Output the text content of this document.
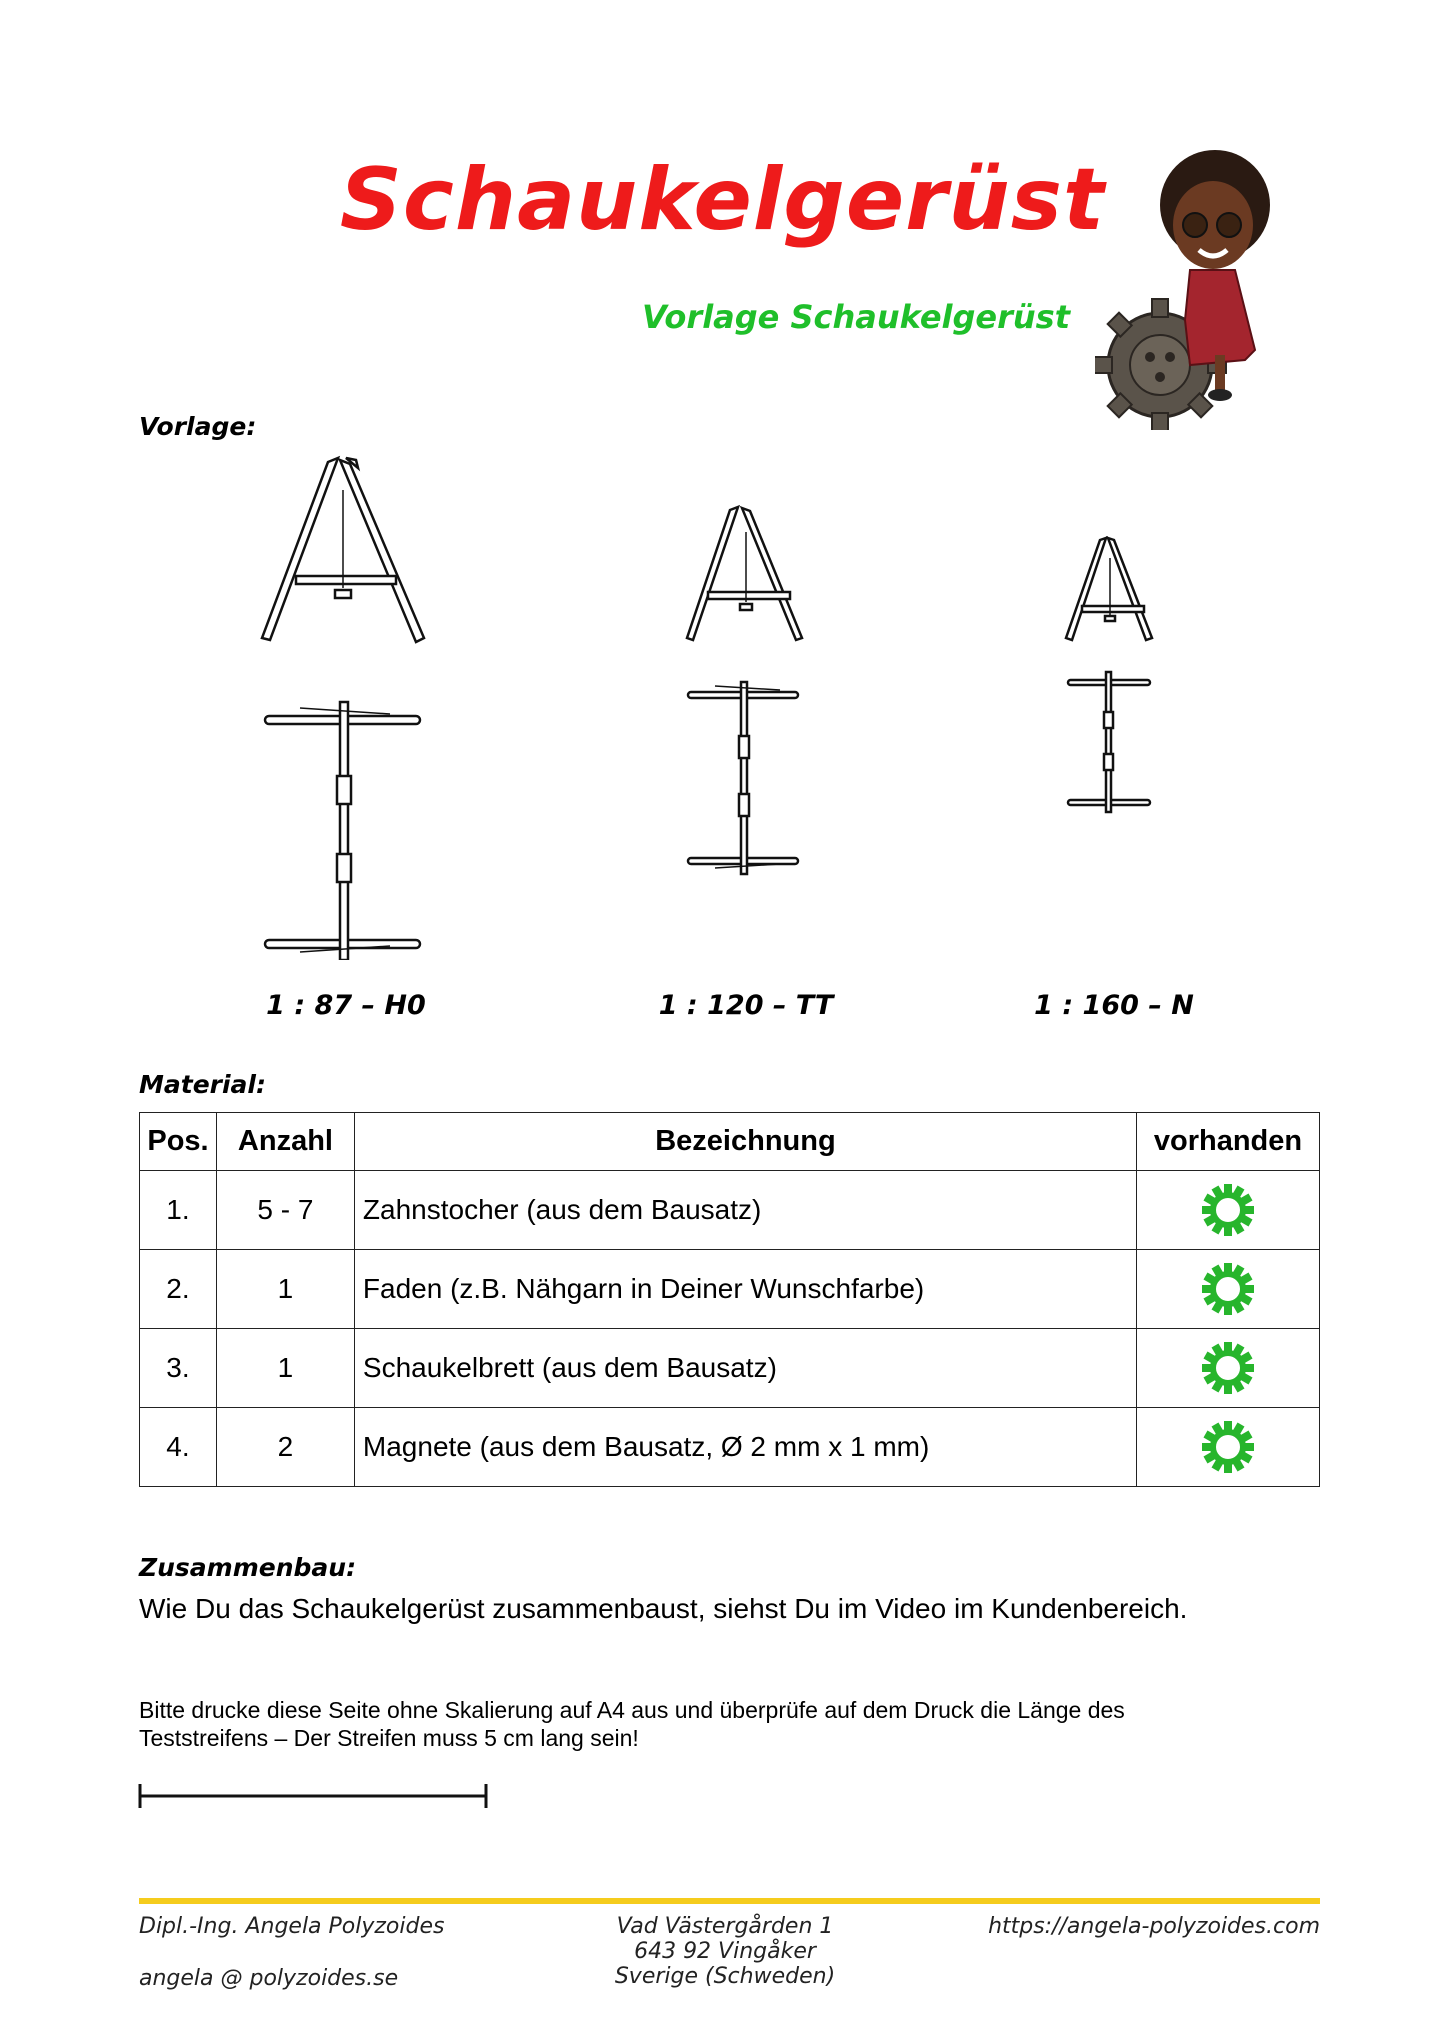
Schaukelgerüst
Vorlage Schaukelgerüst
Vorlage:
1 : 87 – H0	1 : 120 – TT	1 : 160 – N
Material:
Pos.	Anzahl	Bezeichnung	vorhanden
1.	5 - 7	Zahnstocher (aus dem Bausatz)	
2.	1	Faden (z.B. Nähgarn in Deiner Wunschfarbe)	
3.	1	Schaukelbrett (aus dem Bausatz)	
4.	2	Magnete (aus dem Bausatz, Ø 2 mm x 1 mm)	
Zusammenbau:
Wie Du das Schaukelgerüst zusammenbaust, siehst Du im Video im Kundenbereich.
Bitte drucke diese Seite ohne Skalierung auf A4 aus und überprüfe auf dem Druck die Länge des
Teststreifens – Der Streifen muss 5 cm lang sein!
Dipl.-Ing. Angela Polyzoides
angela @ polyzoides.se
Vad Västergården 1
643 92 Vingåker
Sverige (Schweden)
https://angela-polyzoides.com
